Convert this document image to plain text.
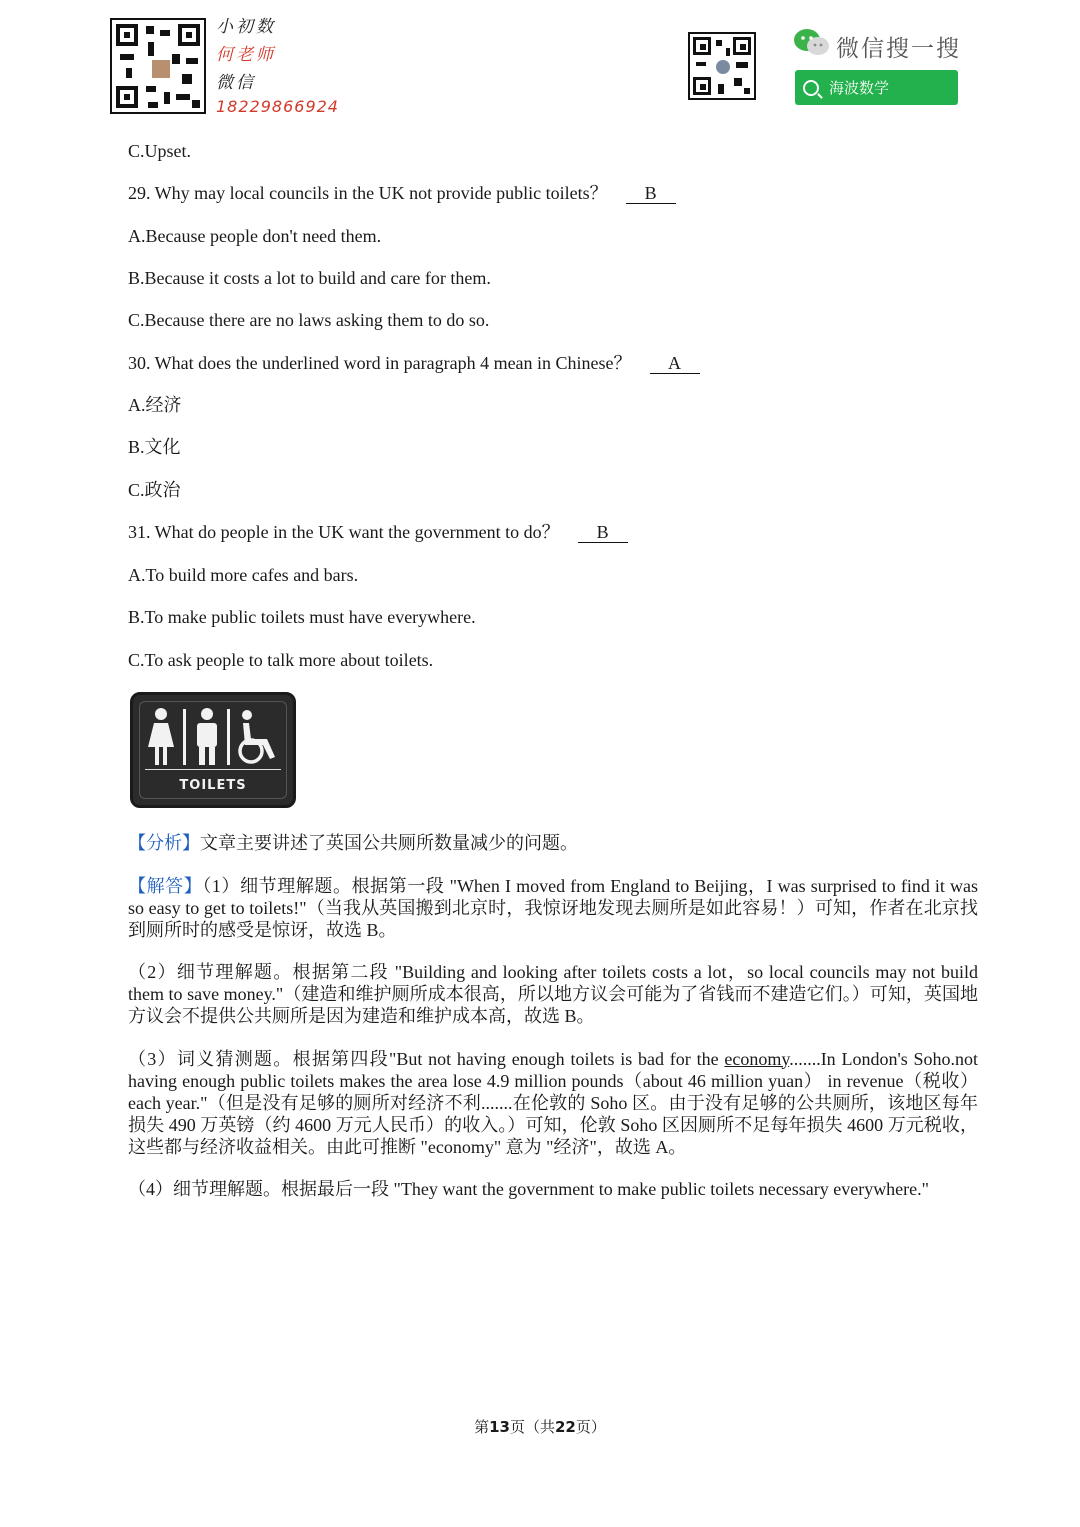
小初数
何老师
微信
18229866924
微信搜一搜
海波数学
C.Upset.
29. Why may local councils in the UK not provide public toilets？ B
A.Because people don't need them.
B.Because it costs a lot to build and care for them.
C.Because there are no laws asking them to do so.
30. What does the underlined word in paragraph 4 mean in Chinese？ A
A.经济
B.文化
C.政治
31. What do people in the UK want the government to do？ B
A.To build more cafes and bars.
B.To make public toilets must have everywhere.
C.To ask people to talk more about toilets.
TOILETS

【分析】文章主要讲述了英国公共厕所数量减少的问题。

【解答】（1）细节理解题。根据第一段 "When I moved from England to Beijing，I was surprised to find it was so easy to get to toilets!"（当我从英国搬到北京时，我惊讶地发现去厕所是如此容易！）可知，作者在北京找到厕所时的感受是惊讶，故选 B。

（2）细节理解题。根据第二段 "Building and looking after toilets costs a lot，so local councils may not build them to save money."（建造和维护厕所成本很高，所以地方议会可能为了省钱而不建造它们。）可知，英国地方议会不提供公共厕所是因为建造和维护成本高，故选 B。

（3）词义猜测题。根据第四段"But not having enough toilets is bad for the economy.......In London's Soho.not having enough public toilets makes the area lose 4.9 million pounds（about 46 million yuan） in revenue（税收） each year."（但是没有足够的厕所对经济不利.......在伦敦的 Soho 区。由于没有足够的公共厕所，该地区每年损失 490 万英镑（约 4600 万元人民币）的收入。）可知，伦敦 Soho 区因厕所不足每年损失 4600 万元税收，这些都与经济收益相关。由此可推断 "economy" 意为 "经济"，故选 A。

（4）细节理解题。根据最后一段 "They want the government to make public toilets necessary everywhere."

第13页（共22页）
